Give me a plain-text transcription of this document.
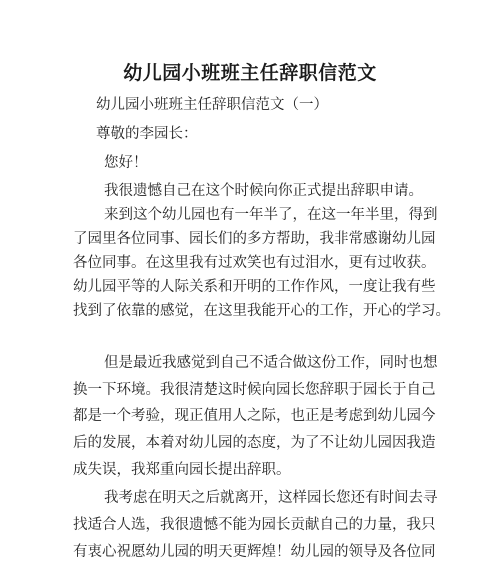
幼儿园小班班主任辞职信范文
幼儿园小班班主任辞职信范文（一）
尊敬的李园长：
您好！
我很遗憾自己在这个时候向你正式提出辞职申请。
来到这个幼儿园也有一年半了，在这一年半里，得到
了园里各位同事、园长们的多方帮助，我非常感谢幼儿园
各位同事。在这里我有过欢笑也有过泪水，更有过收获。
幼儿园平等的人际关系和开明的工作作风，一度让我有些
找到了依靠的感觉，在这里我能开心的工作，开心的学习。
但是最近我感觉到自己不适合做这份工作，同时也想
换一下环境。我很清楚这时候向园长您辞职于园长于自己
都是一个考验，现正值用人之际，也正是考虑到幼儿园今
后的发展，本着对幼儿园的态度，为了不让幼儿园因我造
成失误，我郑重向园长提出辞职。
我考虑在明天之后就离开，这样园长您还有时间去寻
找适合人选，我很遗憾不能为园长贡献自己的力量，我只
有衷心祝愿幼儿园的明天更辉煌！幼儿园的领导及各位同
